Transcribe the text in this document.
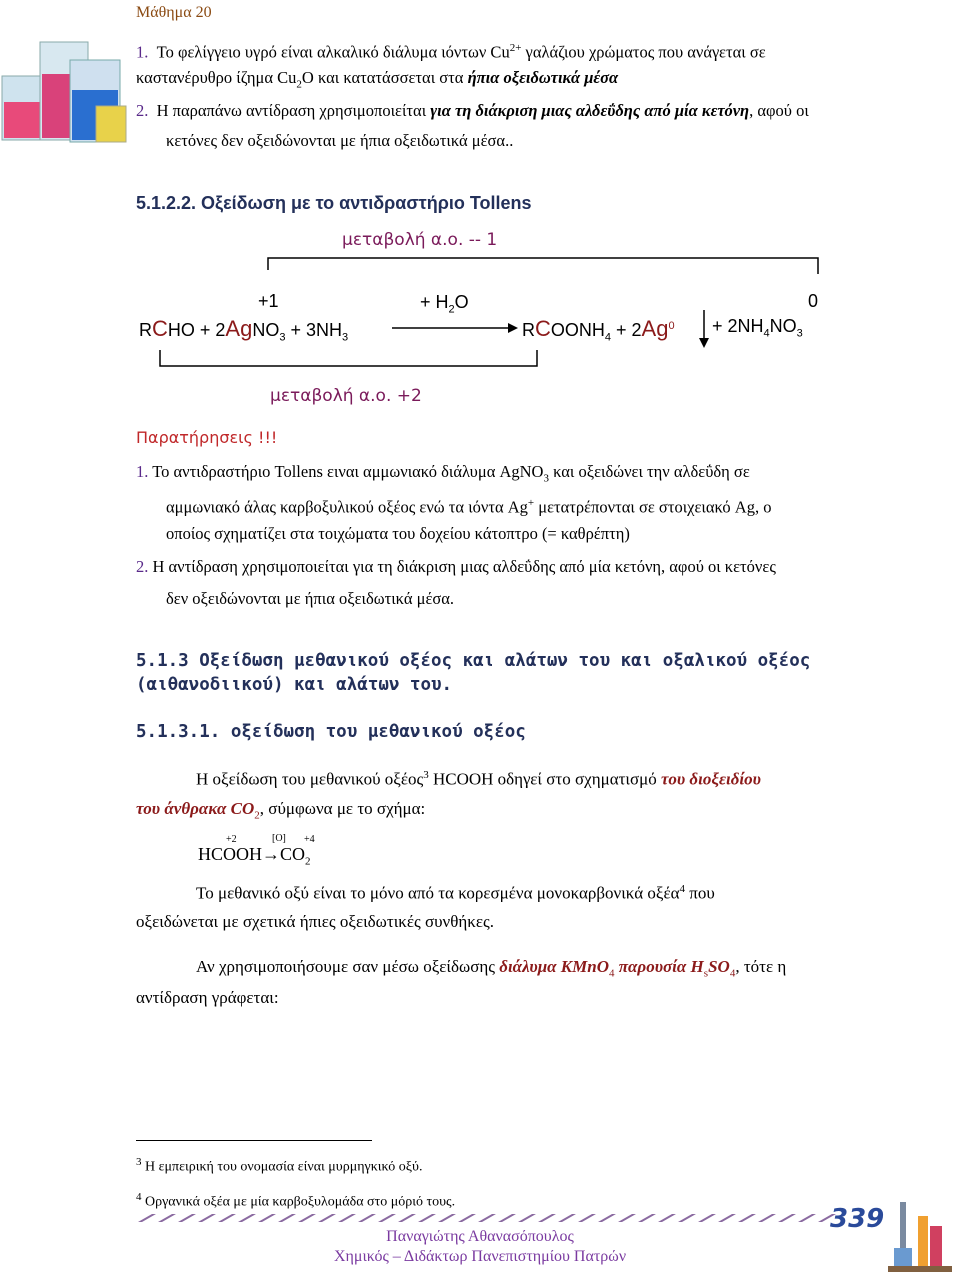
Μάθημα 20
1. Το φελίγγειο υγρό είναι αλκαλικό διάλυμα ιόντων $Cu^{2+}$ γαλάζιου χρώματος που ανάγεται σε
καστανέρυθρο ίζημα $Cu_2O$ και κατατάσσεται στα ήπια οξειδωτικά μέσα
2. Η παραπάνω αντίδραση χρησιμοποιείται για τη διάκριση μιας αλδεΰδης από μία κετόνη, αφού οι
κετόνες δεν οξειδώνονται με ήπια οξειδωτικά μέσα..
5.1.2.2. Οξείδωση με το αντιδραστήριο Tollens
μεταβολή α.ο. -- 1
+1	+ $H_2O$	0
RCHO + 2AgNO$_3$ + $3NH_3$	$RCOONH_4 + 2Ag^0 + 2NH_4NO_3$
μεταβολή α.ο. +2
Παρατήρησεις !!!
1. Το αντιδραστήριο Tollens ειναι αμμωνιακό διάλυμα AgNO$_3$ και οξειδώνει την αλδεΰδη σε
αμμωνιακό άλας καρβοξυλικού οξέος ενώ τα ιόντα Ag+ μετατρέπονται σε στοιχειακό Ag, ο
οποίος σχηματίζει στα τοιχώματα του δοχείου κάτοπτρο (= καθρέπτη)
2. Η αντίδραση χρησιμοποιείται για τη διάκριση μιας αλδεΰδης από μία κετόνη, αφού οι κετόνες
δεν οξειδώνονται με ήπια οξειδωτικά μέσα.
5.1.3 Οξείδωση μεθανικού οξέος και αλάτων του και οξαλικού οξέος
(αιθανοδιικού) και αλάτων του.
5.1.3.1. οξείδωση του μεθανικού οξέος
Η οξείδωση του μεθανικού οξέος$^3$ HCOOH οδηγεί στο σχηματισμό του διοξειδίου
του άνθρακα $CO_2$, σύμφωνα με το σχήμα:
+2	[O] +4
$HCOOH\to CO_2$
Το μεθανικό οξύ είναι το μόνο από τα κορεσμένα μονοκαρβονικά οξέα$^4$ που
οξειδώνεται με σχετικά ήπιες οξειδωτικές συνθήκες.
Αν χρησιμοποιήσουμε σαν μέσω οξείδωσης διάλυμα KMnO$_4$ παρουσία $H_sSO_4$, τότε η
αντίδραση γράφεται:
$^3$ Η εμπειρική του ονομασία είναι μυρμηγκικό οξύ.
$^4$ Οργανικά οξέα με μία καρβοξυλομάδα στο μόριό τους.
339
Παναγιώτης Αθανασόπουλος
Χημικός – Διδάκτωρ Πανεπιστημίου Πατρών
